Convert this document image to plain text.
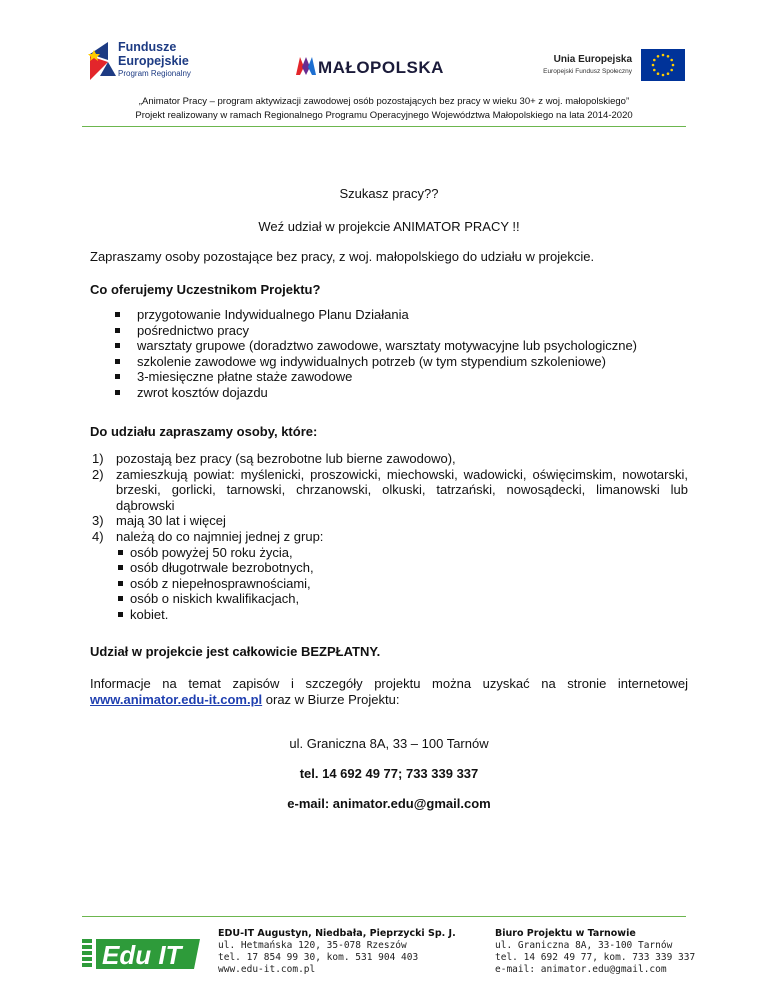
Fundusze
Europejskie
Program Regionalny	MAŁOPOLSKA	Unia Europejska
Europejski Fundusz Społeczny
„Animator Pracy – program aktywizacji zawodowej osób pozostających bez pracy w wieku 30+ z woj. małopolskiego”
Projekt realizowany w ramach Regionalnego Programu Operacyjnego Województwa Małopolskiego na lata 2014-2020
Szukasz pracy??
Weź udział w projekcie ANIMATOR PRACY !!
Zapraszamy osoby pozostające bez pracy, z woj. małopolskiego do udziału w projekcie.
Co oferujemy Uczestnikom Projektu?
przygotowanie Indywidualnego Planu Działania
pośrednictwo pracy
warsztaty grupowe (doradztwo zawodowe, warsztaty motywacyjne lub psychologiczne)
szkolenie zawodowe wg indywidualnych potrzeb (w tym stypendium szkoleniowe)
3-miesięczne płatne staże zawodowe
zwrot kosztów dojazdu
Do udziału zapraszamy osoby, które:
1) pozostają bez pracy (są bezrobotne lub bierne zawodowo),
2) zamieszkują powiat: myślenicki, proszowicki, miechowski, wadowicki, oświęcimskim, nowotarski, brzeski, gorlicki, tarnowski, chrzanowski, olkuski, tatrzański, nowosądecki, limanowski lub dąbrowski
3) mają 30 lat i więcej
4) należą do co najmniej jednej z grup:
osób powyżej 50 roku życia,
osób długotrwale bezrobotnych,
osób z niepełnosprawnościami,
osób o niskich kwalifikacjach,
kobiet.
Udział w projekcie jest całkowicie BEZPŁATNY.
Informacje na temat zapisów i szczegóły projektu można uzyskać na stronie internetowej www.animator.edu-it.com.pl oraz w Biurze Projektu:
ul. Graniczna 8A, 33 – 100 Tarnów
tel. 14 692 49 77; 733 339 337
e-mail: animator.edu@gmail.com
Edu IT
EDU-IT Augustyn, Niedbała, Pieprzycki Sp. J.
ul. Hetmańska 120, 35-078 Rzeszów
tel. 17 854 99 30, kom. 531 904 403
www.edu-it.com.pl
Biuro Projektu w Tarnowie
ul. Graniczna 8A, 33-100 Tarnów
tel. 14 692 49 77, kom. 733 339 337
e-mail: animator.edu@gmail.com
